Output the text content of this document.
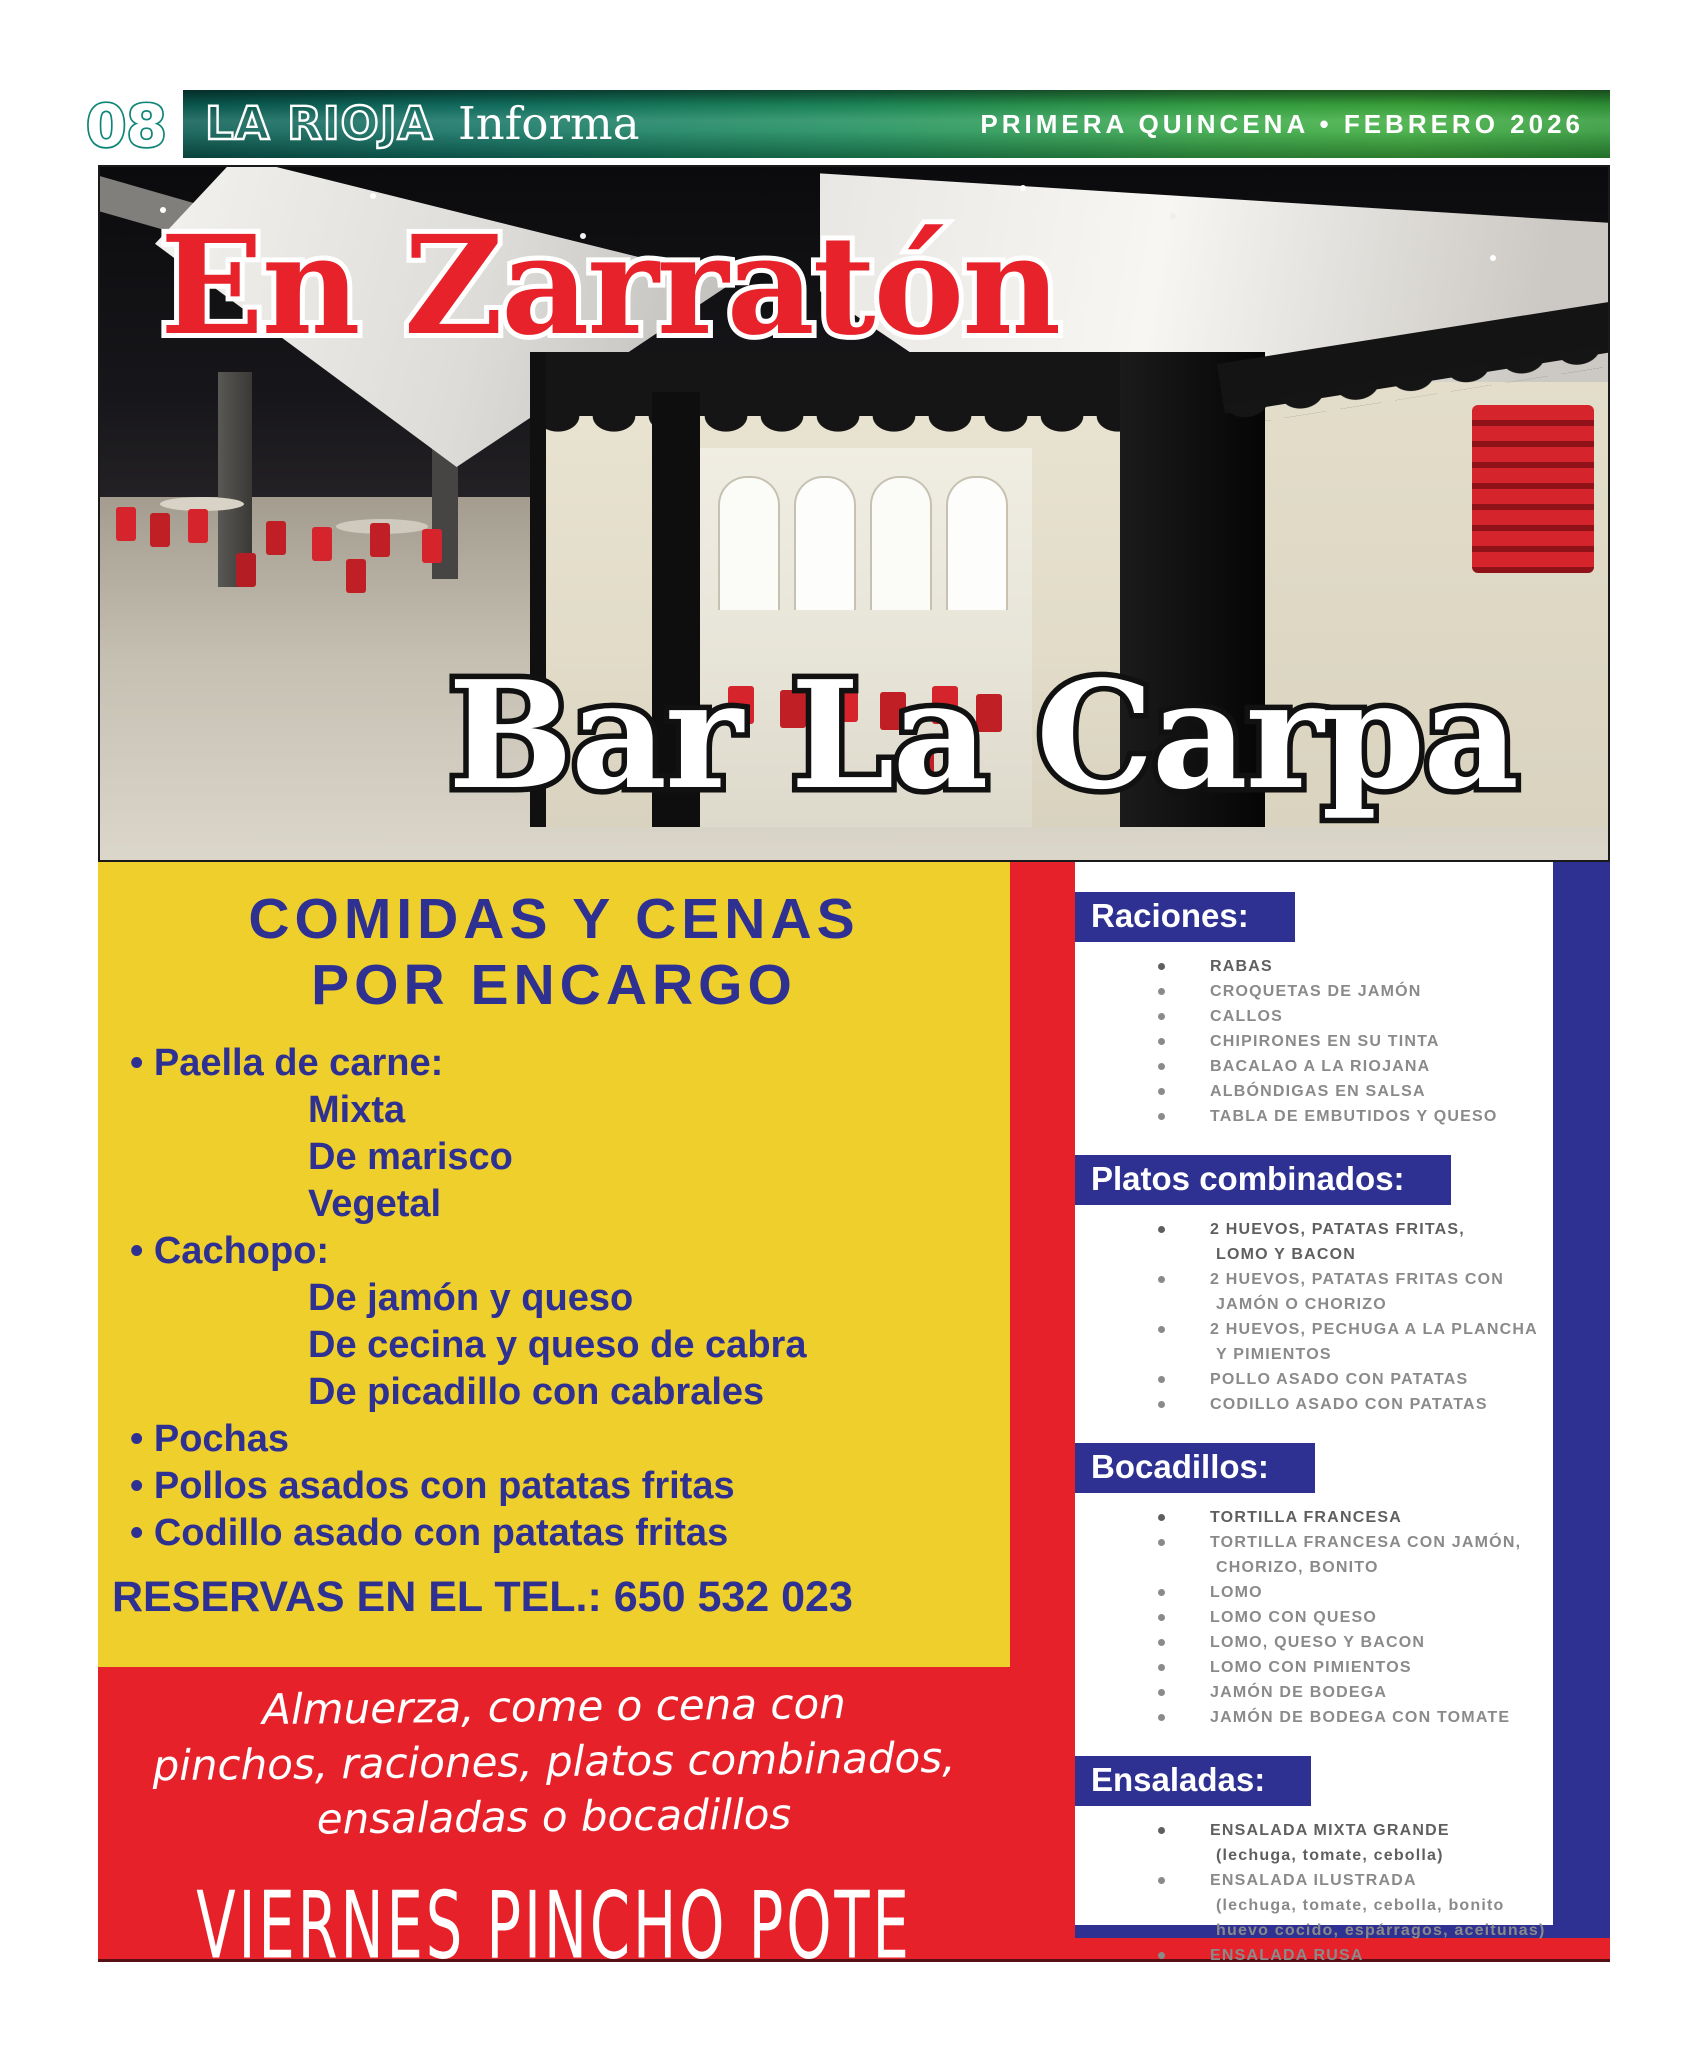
08 LA RIOJA Informa	PRIMERA QUINCENA • FEBRERO 2026
En Zarratón
Bar La Carpa
COMIDAS Y CENAS
POR ENCARGO
• Paella de carne:
Mixta
De marisco
Vegetal
• Cachopo:
De jamón y queso
De cecina y queso de cabra
De picadillo con cabrales
• Pochas
• Pollos asados con patatas fritas
• Codillo asado con patatas fritas
RESERVAS EN EL TEL.: 650 532 023
Raciones:
RABAS
CROQUETAS DE JAMÓN
CALLOS
CHIPIRONES EN SU TINTA
BACALAO A LA RIOJANA
ALBÓNDIGAS EN SALSA
TABLA DE EMBUTIDOS Y QUESO
Platos combinados:
2 HUEVOS, PATATAS FRITAS,
LOMO Y BACON
2 HUEVOS, PATATAS FRITAS CON
JAMÓN O CHORIZO
2 HUEVOS, PECHUGA A LA PLANCHA
Y PIMIENTOS
POLLO ASADO CON PATATAS
CODILLO ASADO CON PATATAS
Bocadillos:
TORTILLA FRANCESA
TORTILLA FRANCESA CON JAMÓN,
CHORIZO, BONITO
LOMO
LOMO CON QUESO
LOMO, QUESO Y BACON
LOMO CON PIMIENTOS
JAMÓN DE BODEGA
JAMÓN DE BODEGA CON TOMATE
Ensaladas:
ENSALADA MIXTA GRANDE
(lechuga, tomate, cebolla)
ENSALADA ILUSTRADA
(lechuga, tomate, cebolla, bonito
huevo cocido, espárragos, aceitunas)
ENSALADA RUSA
Almuerza, come o cena con
pinchos, raciones, platos combinados,
ensaladas o bocadillos
VIERNES PINCHO POTE
